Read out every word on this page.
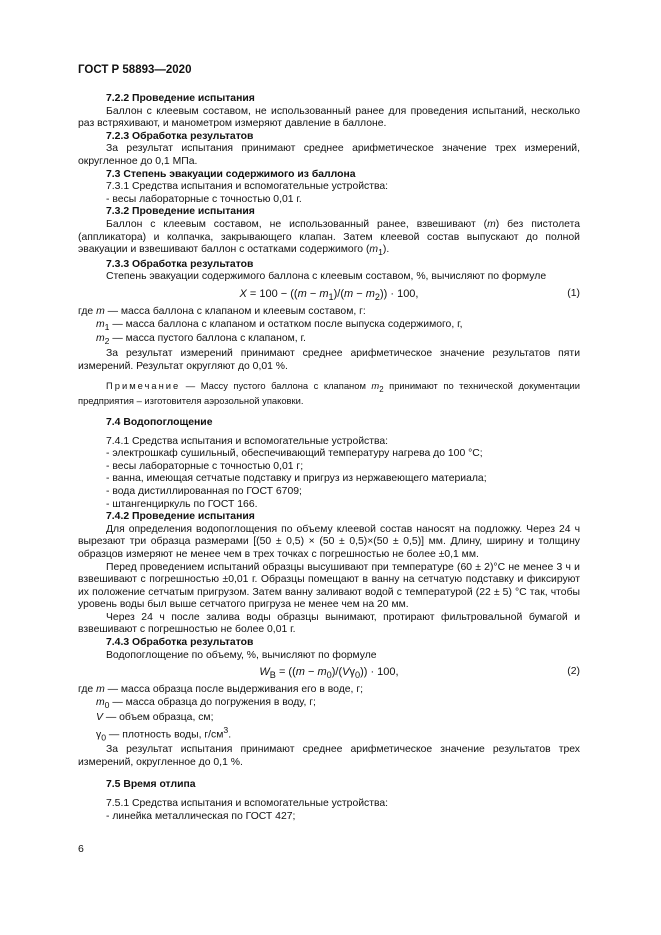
ГОСТ Р 58893—2020

7.2.2 Проведение испытания

Баллон с клеевым составом, не использованный ранее для проведения испытаний, несколько раз встряхивают, и манометром измеряют давление в баллоне.

7.2.3 Обработка результатов

За результат испытания принимают среднее арифметическое значение трех измерений, округленное до 0,1 МПа.

7.3 Степень эвакуации содержимого из баллона

7.3.1 Средства испытания и вспомогательные устройства:

- весы лабораторные с точностью 0,01 г.

7.3.2 Проведение испытания

Баллон с клеевым составом, не использованный ранее, взвешивают (m) без пистолета (аппликатора) и колпачка, закрывающего клапан. Затем клеевой состав выпускают до полной эвакуации и взвешивают баллон с остатками содержимого $(m_1)$.

7.3.3 Обработка результатов

Степень эвакуации содержимого баллона с клеевым составом, %, вычисляют по формуле

$X = 100 - ((m - m_1)/(m - m_2)) \cdot 100$,	(1)

где m — масса баллона с клапаном и клеевым составом, г:

$m_1$ — масса баллона с клапаном и остатком после выпуска содержимого, г,

$m_2$ — масса пустого баллона с клапаном, г.

За результат измерений принимают среднее арифметическое значение результатов пяти измерений. Результат округляют до 0,01 %.

Примечание — Массу пустого баллона с клапаном $m_2$ принимают по технической документации предприятия – изготовителя аэрозольной упаковки.

7.4 Водопоглощение

7.4.1 Средства испытания и вспомогательные устройства:

- электрошкаф сушильный, обеспечивающий температуру нагрева до 100 °С;

- весы лабораторные с точностью 0,01 г;

- ванна, имеющая сетчатые подставку и пригруз из нержавеющего материала;

- вода дистиллированная по ГОСТ 6709;

- штангенциркуль по ГОСТ 166.

7.4.2 Проведение испытания

Для определения водопоглощения по объему клеевой состав наносят на подложку. Через 24 ч вырезают три образца размерами [(50 ± 0,5) × (50 ± 0,5)×(50 ± 0,5)] мм. Длину, ширину и толщину образцов измеряют не менее чем в трех точках с погрешностью не более ±0,1 мм.

Перед проведением испытаний образцы высушивают при температуре (60 ± 2)°С не менее 3 ч и взвешивают с погрешностью ±0,01 г. Образцы помещают в ванну на сетчатую подставку и фиксируют их положение сетчатым пригрузом. Затем ванну заливают водой с температурой (22 ± 5) °С так, чтобы уровень воды был выше сетчатого пригруза не менее чем на 20 мм.

Через 24 ч после залива воды образцы вынимают, протирают фильтровальной бумагой и взвешивают с погрешностью не более 0,01 г.

7.4.3 Обработка результатов

Водопоглощение по объему, %, вычисляют по формуле

$W_В = ((m - m_0)/(V\gamma_0)) \cdot 100$,	(2)

где m — масса образца после выдерживания его в воде, г;

$m_0$ — масса образца до погружения в воду, г;

V — объем образца, см;

$\gamma_0$ — плотность воды, $г/см^3$.

За результат испытания принимают среднее арифметическое значение результатов трех измерений, округленное до 0,1 %.

7.5 Время отлипа

7.5.1 Средства испытания и вспомогательные устройства:

- линейка металлическая по ГОСТ 427;

6
